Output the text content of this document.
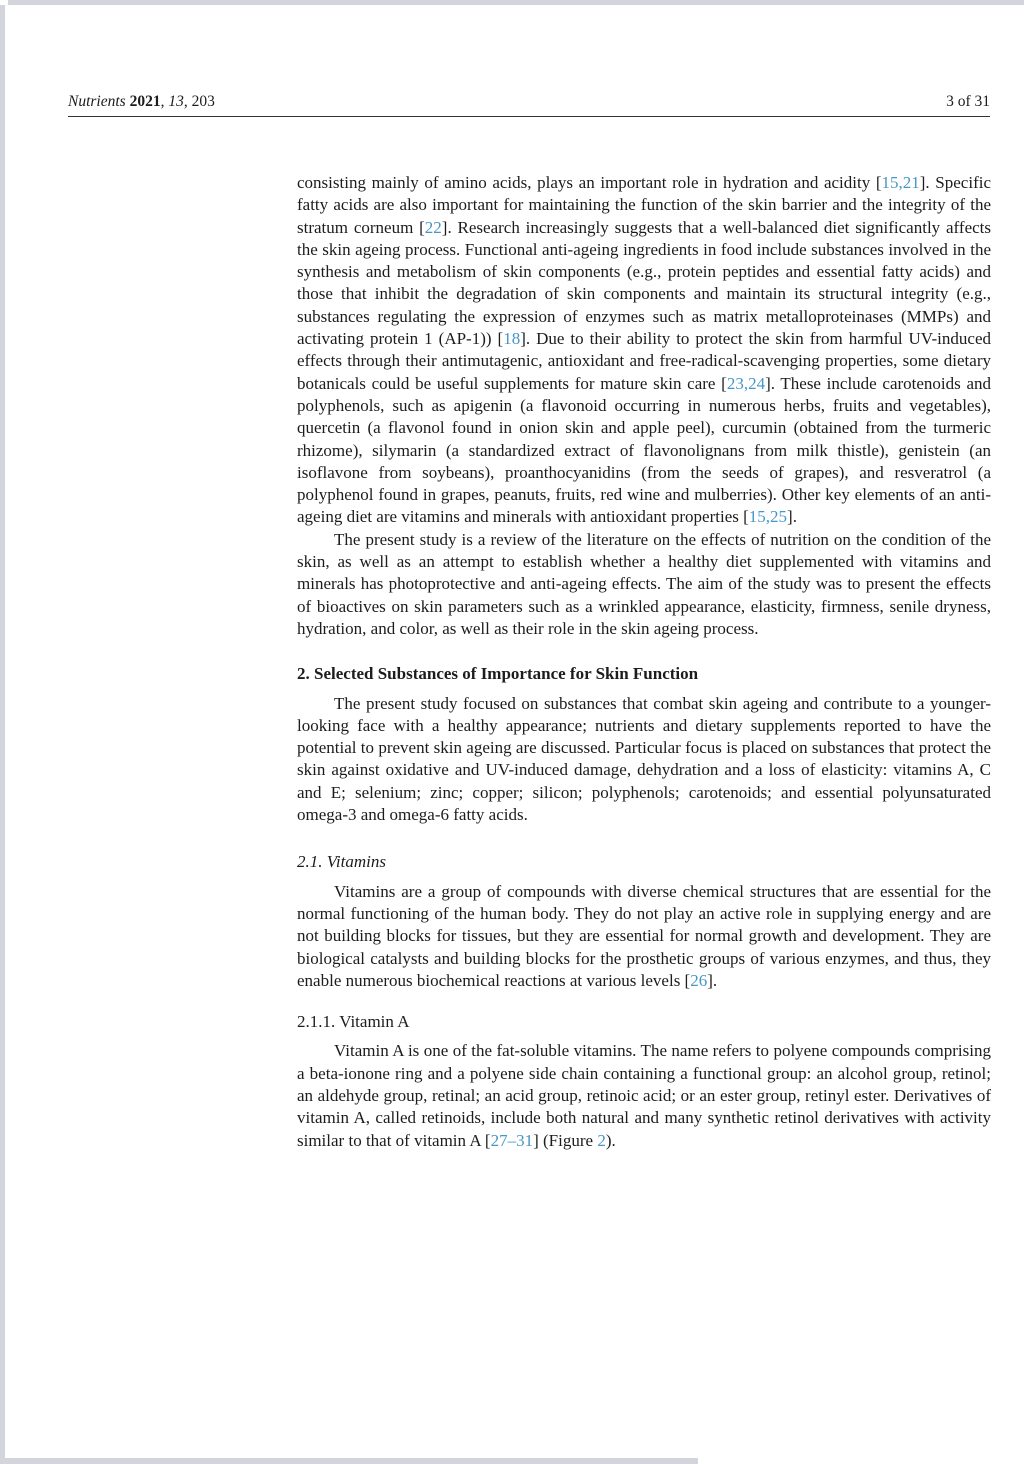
Nutrients 2021, 13, 203	3 of 31

consisting mainly of amino acids, plays an important role in hydration and acidity [15,21]. Specific fatty acids are also important for maintaining the function of the skin barrier and the integrity of the stratum corneum [22]. Research increasingly suggests that a well-balanced diet significantly affects the skin ageing process. Functional anti-ageing ingredients in food include substances involved in the synthesis and metabolism of skin components (e.g., protein peptides and essential fatty acids) and those that inhibit the degradation of skin components and maintain its structural integrity (e.g., substances regulating the expression of enzymes such as matrix metalloproteinases (MMPs) and activating protein 1 (AP-1)) [18]. Due to their ability to protect the skin from harmful UV-induced effects through their antimutagenic, antioxidant and free-radical-scavenging properties, some dietary botanicals could be useful supplements for mature skin care [23,24]. These include carotenoids and polyphenols, such as apigenin (a flavonoid occurring in numerous herbs, fruits and vegetables), quercetin (a flavonol found in onion skin and apple peel), curcumin (obtained from the turmeric rhizome), silymarin (a standardized extract of flavonolignans from milk thistle), genistein (an isoflavone from soybeans), proanthocyanidins (from the seeds of grapes), and resveratrol (a polyphenol found in grapes, peanuts, fruits, red wine and mulberries). Other key elements of an anti-ageing diet are vitamins and minerals with antioxidant properties [15,25].

The present study is a review of the literature on the effects of nutrition on the condition of the skin, as well as an attempt to establish whether a healthy diet supplemented with vitamins and minerals has photoprotective and anti-ageing effects. The aim of the study was to present the effects of bioactives on skin parameters such as a wrinkled appearance, elasticity, firmness, senile dryness, hydration, and color, as well as their role in the skin ageing process.

2. Selected Substances of Importance for Skin Function

The present study focused on substances that combat skin ageing and contribute to a younger-looking face with a healthy appearance; nutrients and dietary supplements reported to have the potential to prevent skin ageing are discussed. Particular focus is placed on substances that protect the skin against oxidative and UV-induced damage, dehydration and a loss of elasticity: vitamins A, C and E; selenium; zinc; copper; silicon; polyphenols; carotenoids; and essential polyunsaturated omega-3 and omega-6 fatty acids.

2.1. Vitamins

Vitamins are a group of compounds with diverse chemical structures that are essential for the normal functioning of the human body. They do not play an active role in supplying energy and are not building blocks for tissues, but they are essential for normal growth and development. They are biological catalysts and building blocks for the prosthetic groups of various enzymes, and thus, they enable numerous biochemical reactions at various levels [26].

2.1.1. Vitamin A

Vitamin A is one of the fat-soluble vitamins. The name refers to polyene compounds comprising a beta-ionone ring and a polyene side chain containing a functional group: an alcohol group, retinol; an aldehyde group, retinal; an acid group, retinoic acid; or an ester group, retinyl ester. Derivatives of vitamin A, called retinoids, include both natural and many synthetic retinol derivatives with activity similar to that of vitamin A [27–31] (Figure 2).
